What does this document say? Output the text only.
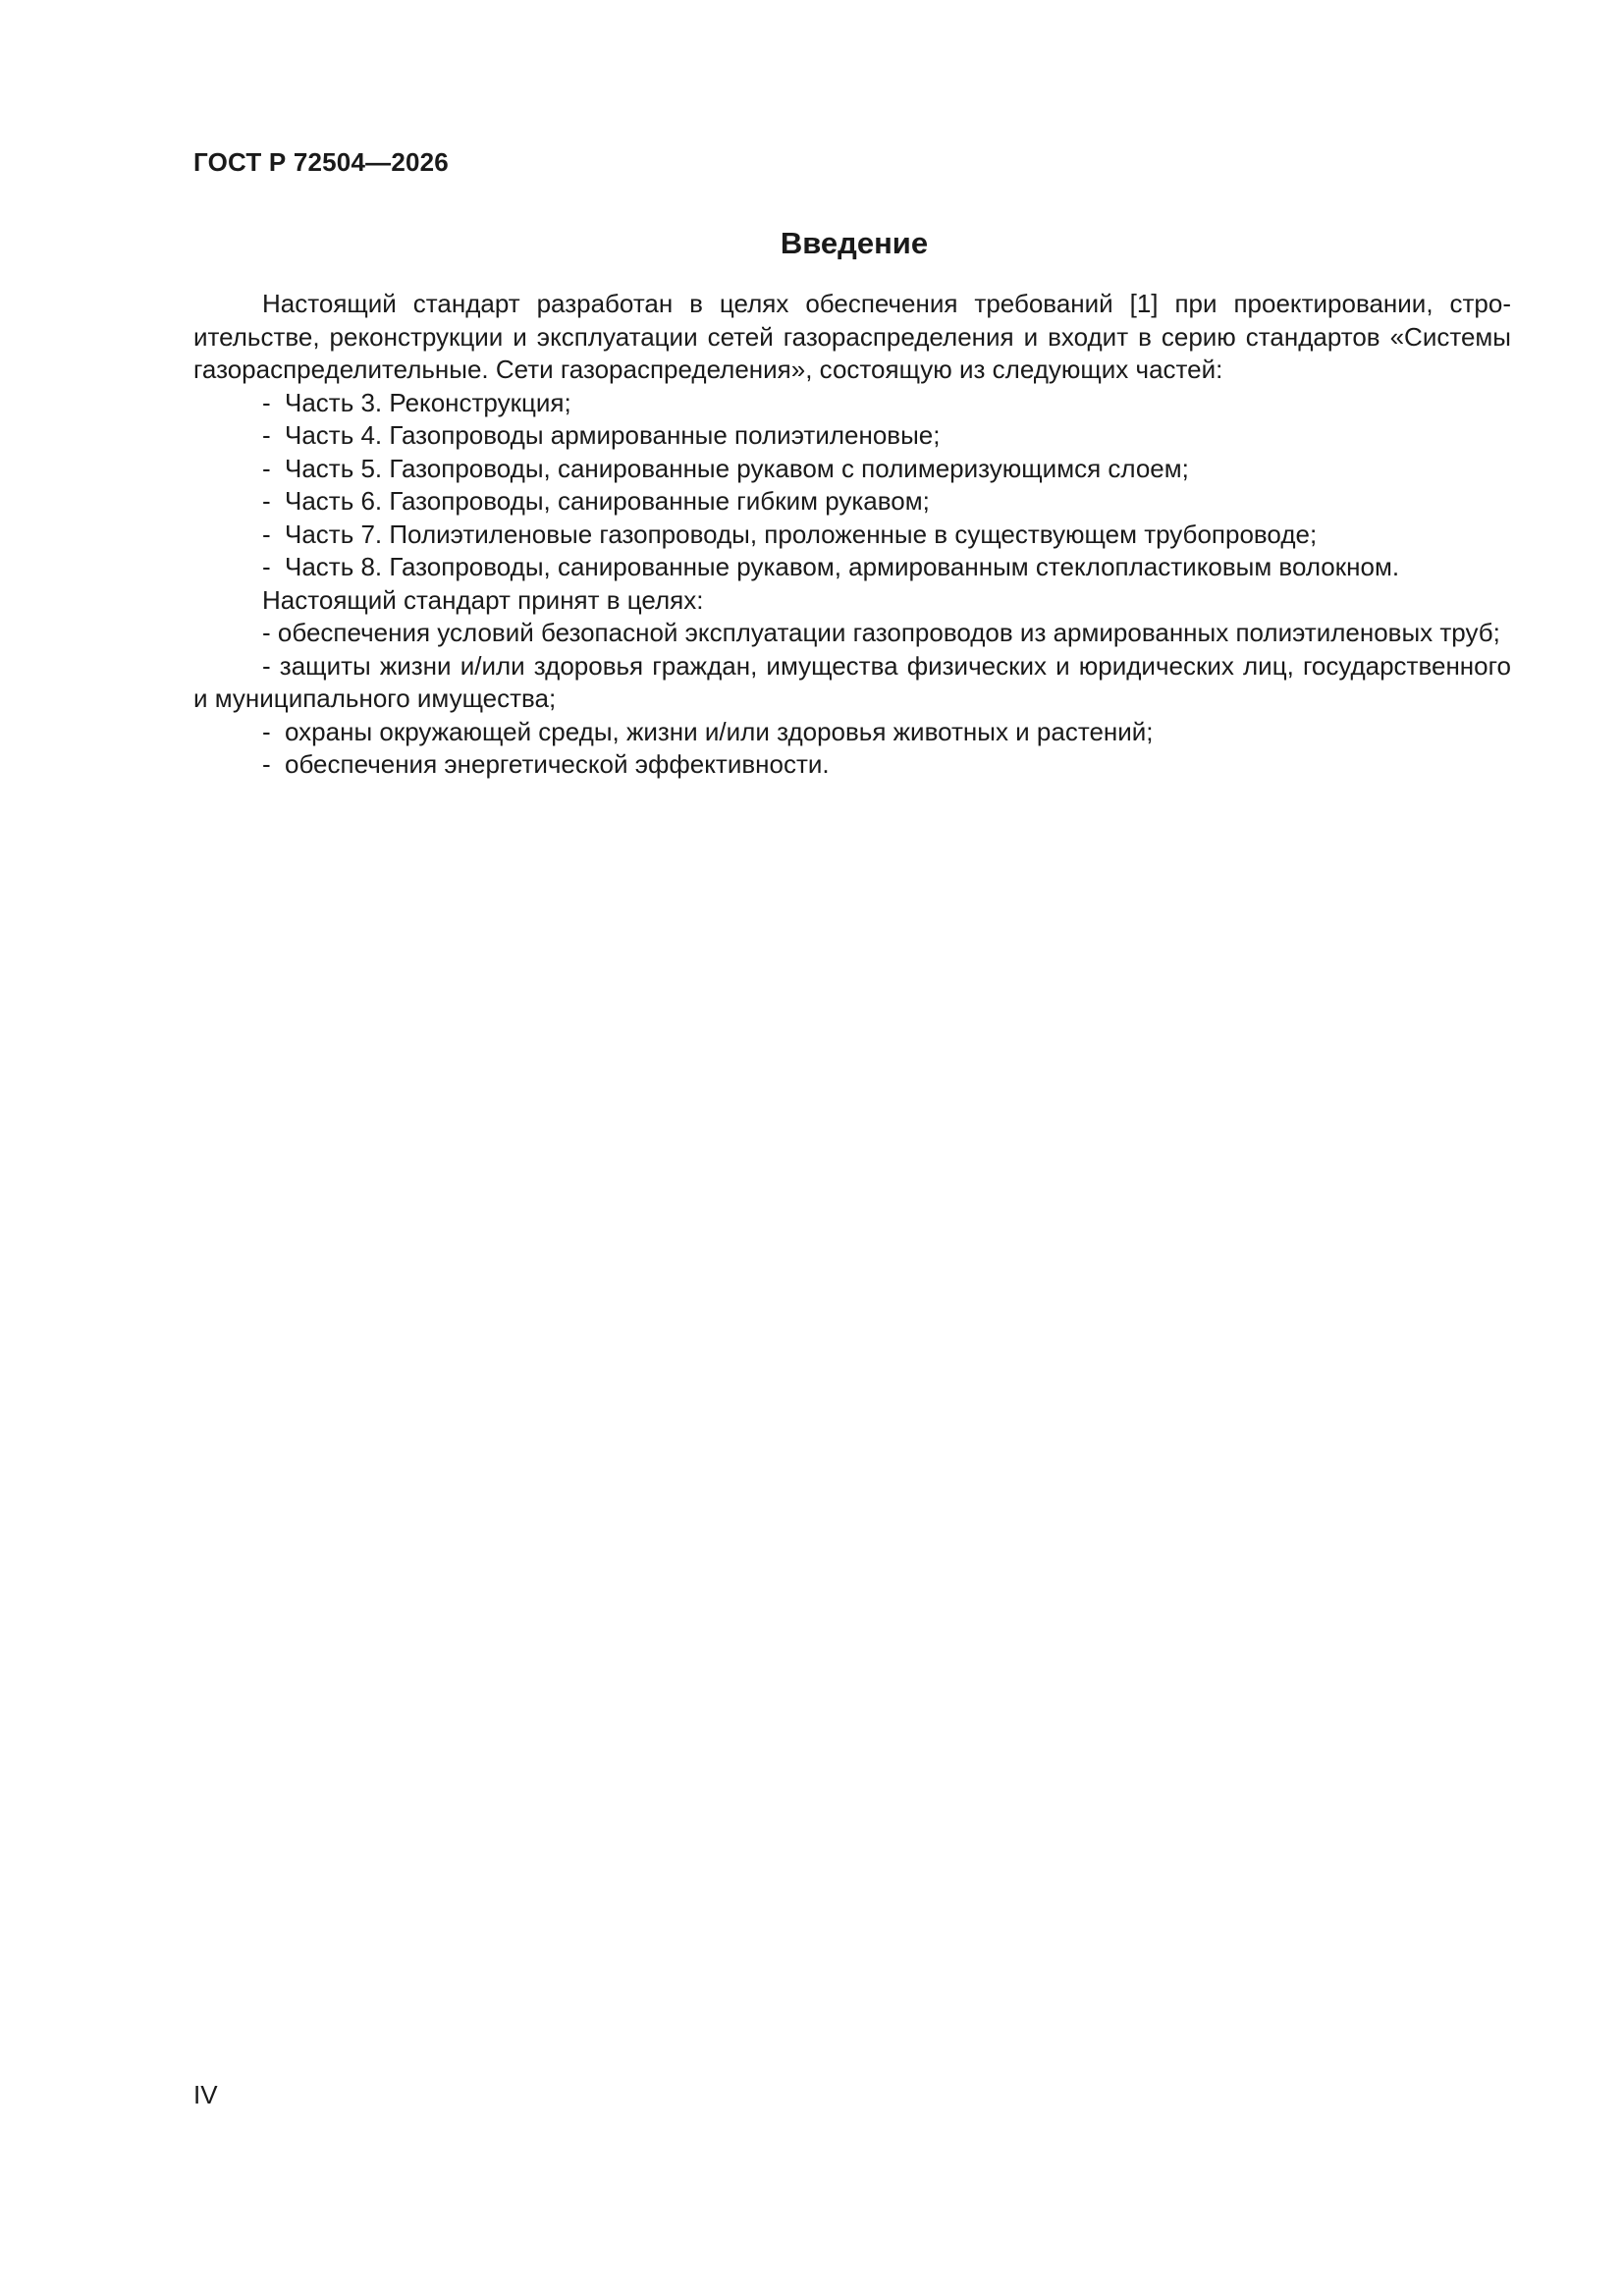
ГОСТ Р 72504—2026
Введение

Настоящий стандарт разработан в целях обеспечения требований [1] при проектировании, строительстве, реконструкции и эксплуатации сетей газораспределения и входит в серию стандартов «Системы газораспределительные. Сети газораспределения», состоящую из следующих частей:

- Часть 3. Реконструкция;
- Часть 4. Газопроводы армированные полиэтиленовые;
- Часть 5. Газопроводы, санированные рукавом с полимеризующимся слоем;
- Часть 6. Газопроводы, санированные гибким рукавом;
- Часть 7. Полиэтиленовые газопроводы, проложенные в существующем трубопроводе;
- Часть 8. Газопроводы, санированные рукавом, армированным стеклопластиковым волокном.

Настоящий стандарт принят в целях:

- обеспечения условий безопасной эксплуатации газопроводов из армированных полиэтиленовых труб;

- защиты жизни и/или здоровья граждан, имущества физических и юридических лиц, государственного и муниципального имущества;

- охраны окружающей среды, жизни и/или здоровья животных и растений;
- обеспечения энергетической эффективности.
IV
